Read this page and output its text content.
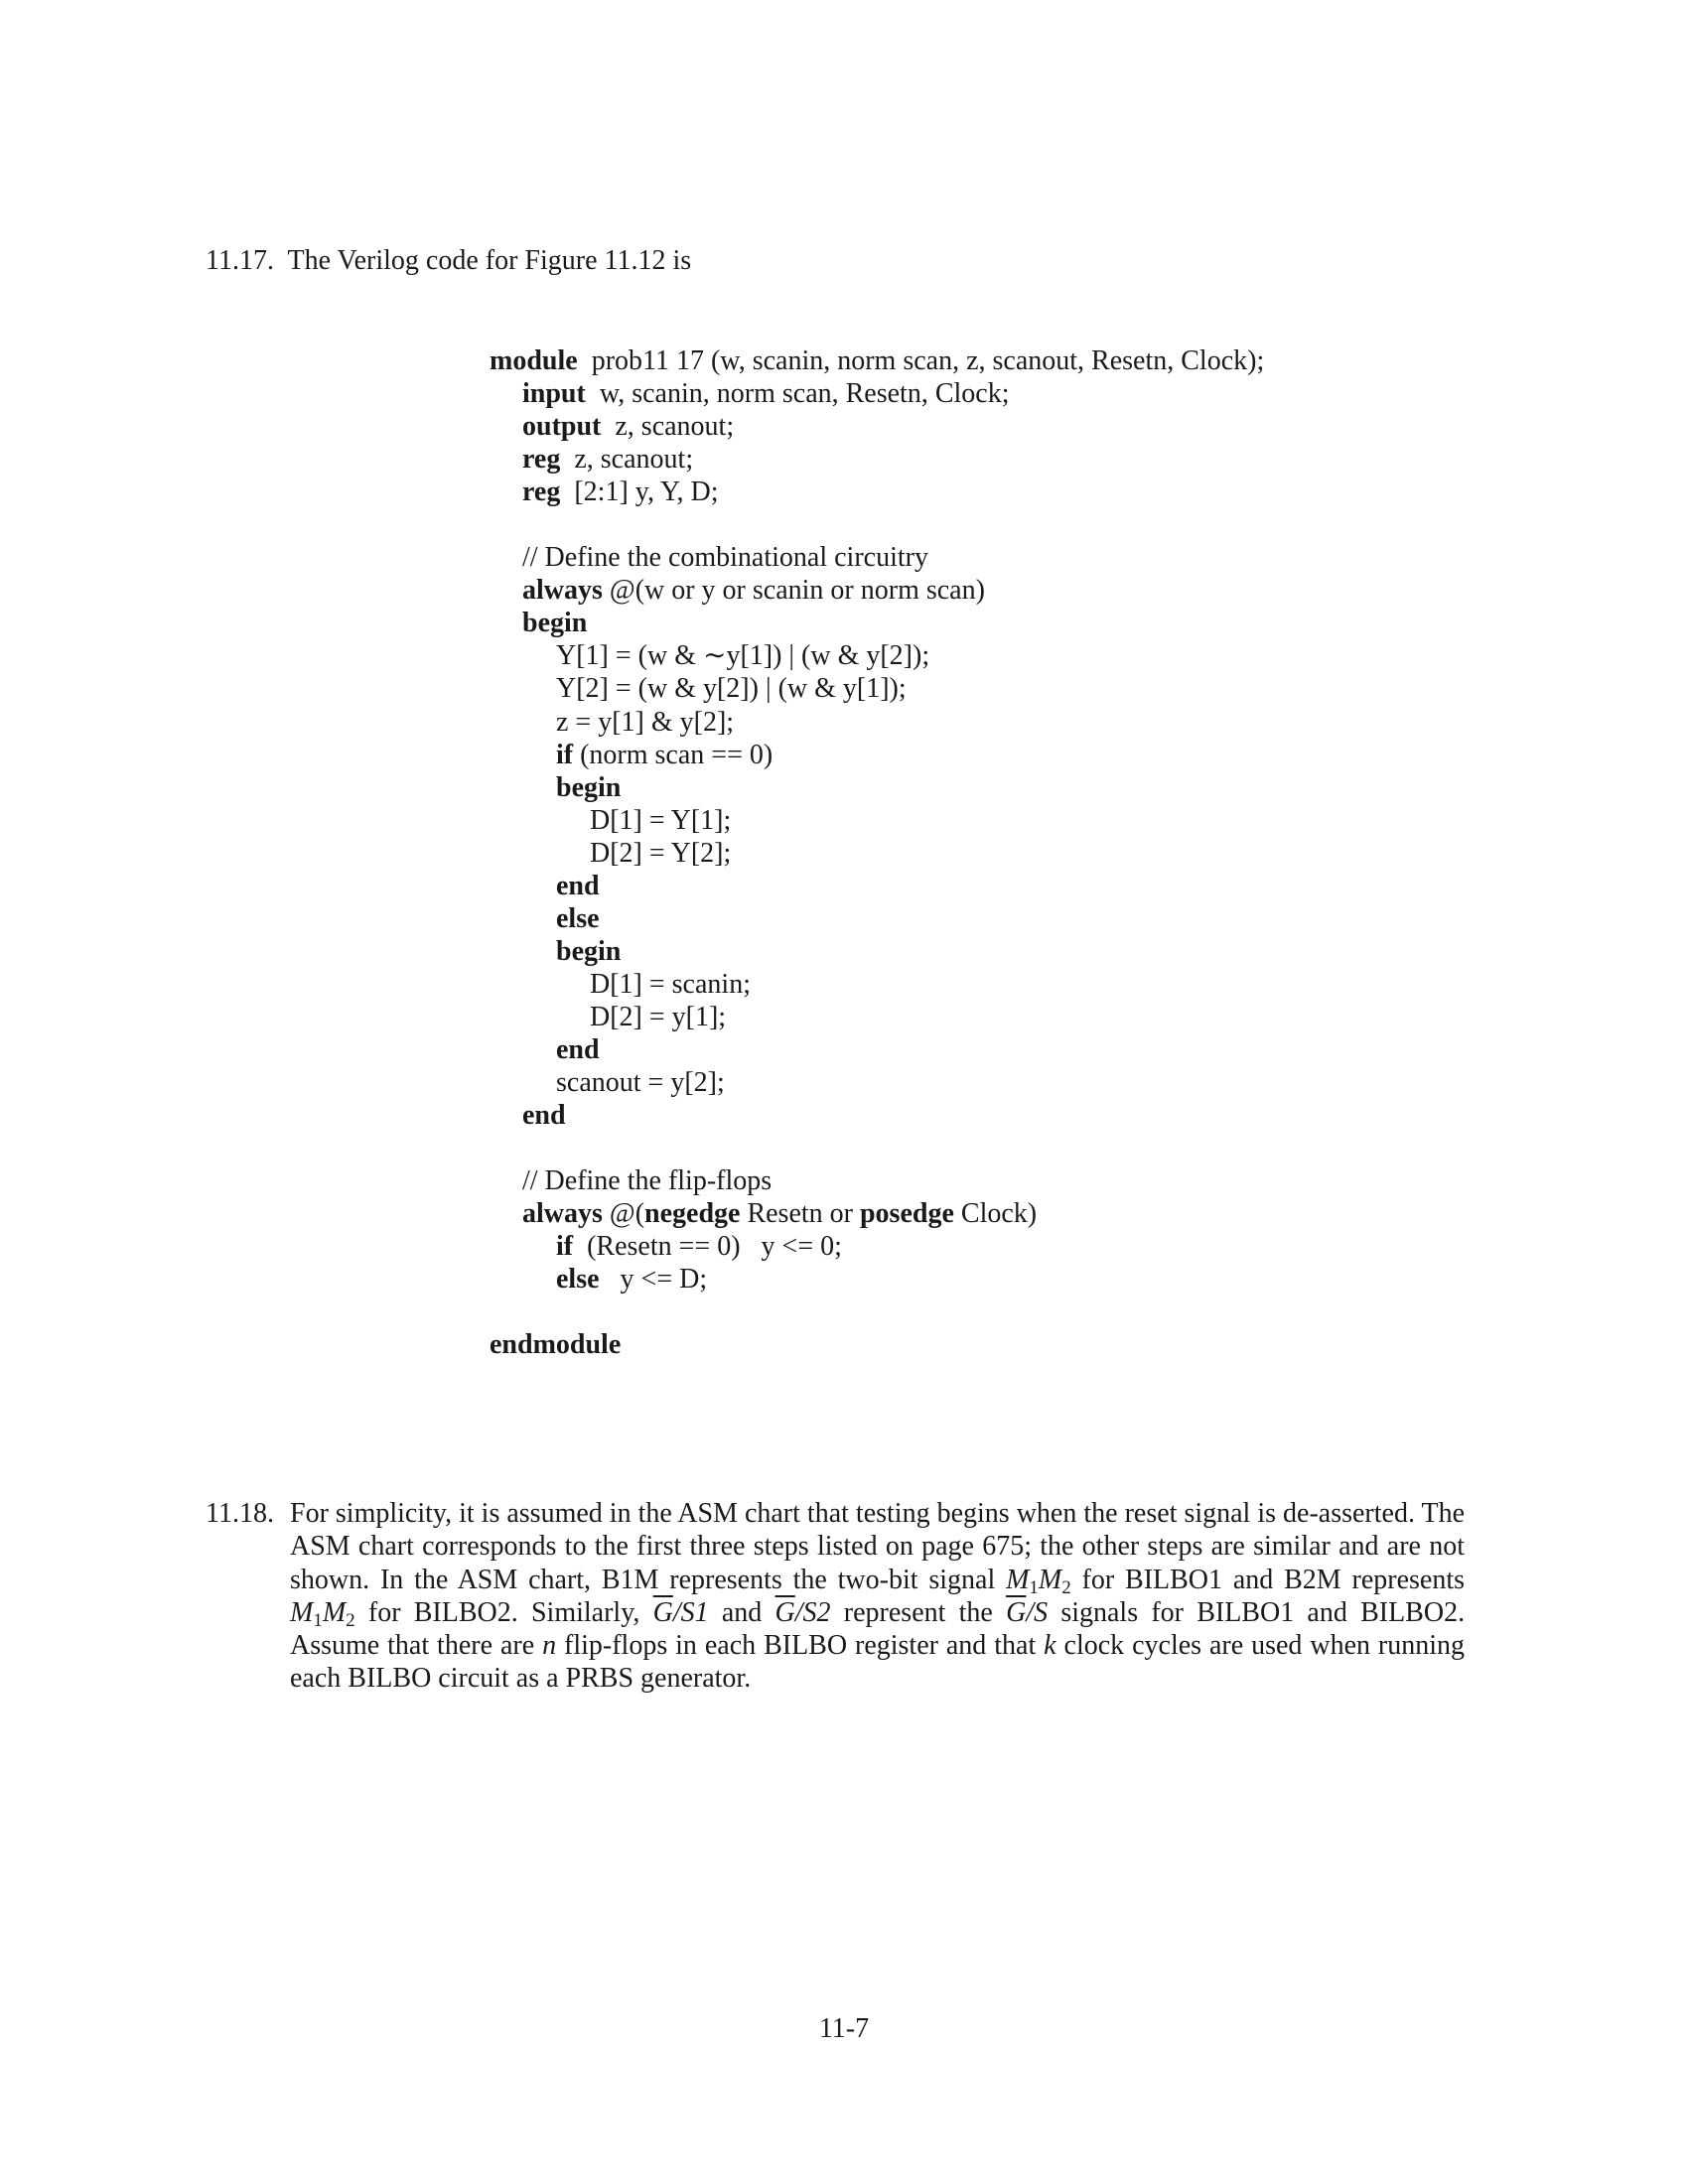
11.17. The Verilog code for Figure 11.12 is
module prob11 17 (w, scanin, norm scan, z, scanout, Resetn, Clock);
input w, scanin, norm scan, Resetn, Clock;
output z, scanout;
reg z, scanout;
reg [2:1] y, Y, D;
// Define the combinational circuitry
always @(w or y or scanin or norm scan)
begin
Y[1] = (w & ∼y[1]) | (w & y[2]);
Y[2] = (w & y[2]) | (w & y[1]);
z = y[1] & y[2];
if (norm scan == 0)
begin
D[1] = Y[1];
D[2] = Y[2];
end
else
begin
D[1] = scanin;
D[2] = y[1];
end
scanout = y[2];
end
// Define the flip-flops
always @(negedge Resetn or posedge Clock)
if (Resetn == 0)   y <= 0;
else y <= D;
endmodule
11.18. For simplicity, it is assumed in the ASM chart that testing begins when the reset signal is de-asserted. The ASM chart corresponds to the first three steps listed on page 675; the other steps are similar and are not shown. In the ASM chart, B1M represents the two-bit signal $M_1M_2$ for BILBO1 and B2M represents $M_1M_2$ for BILBO2. Similarly, $\overline{G}/S1$ and $\overline{G}/S2$ represent the $\overline{G}/S$ signals for BILBO1 and BILBO2. Assume that there are n flip-flops in each BILBO register and that k clock cycles are used when running each BILBO circuit as a PRBS generator.
11-7
